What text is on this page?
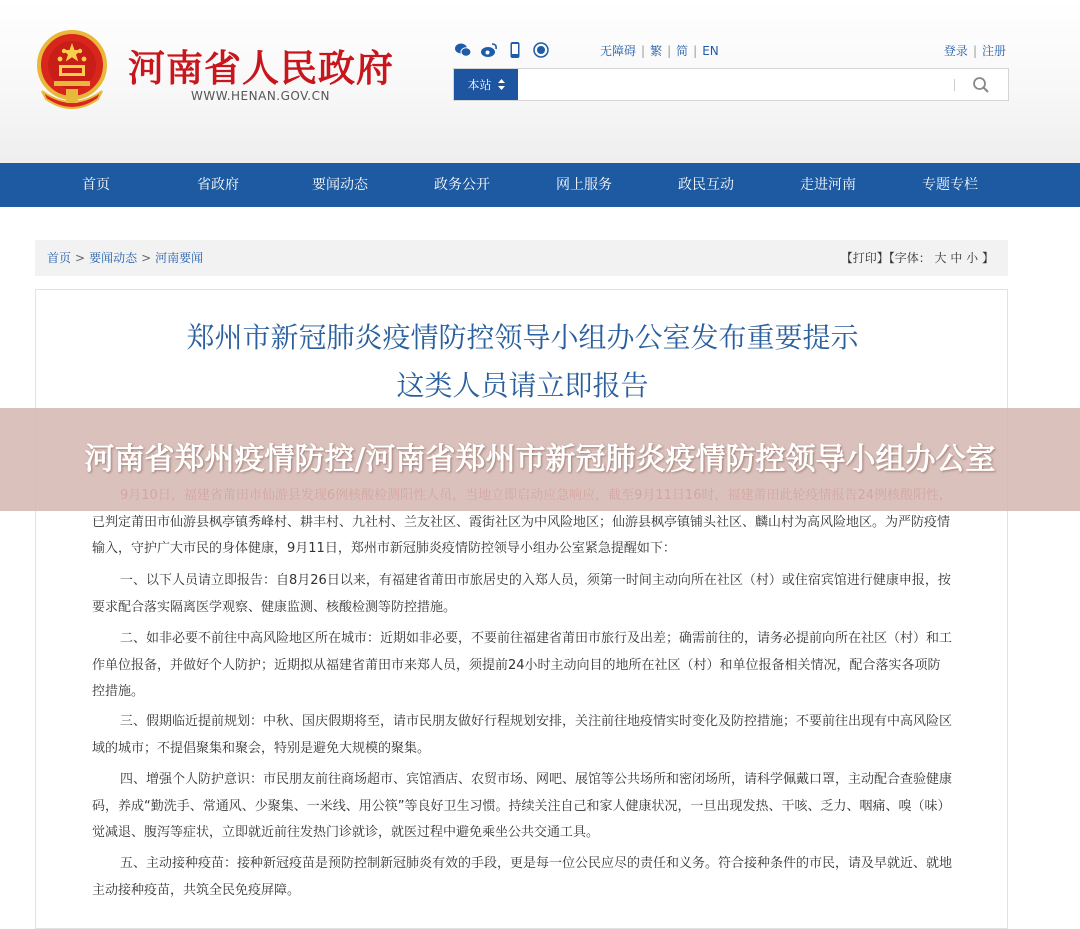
河南省人民政府
WWW.HENAN.GOV.CN
无障碍 | 繁 | 简 | EN	登录 | 注册
本站
首页	省政府	要闻动态	政务公开	网上服务	政民互动	走进河南	专题专栏
首页 > 要闻动态 > 河南要闻	【打印】【字体： 大 中 小 】
郑州市新冠肺炎疫情防控领导小组办公室发布重要提示
这类人员请立即报告
已判定莆田市仙游县枫亭镇秀峰村、耕丰村、九社村、兰友社区、霞街社区为中风险地区；仙游县枫亭镇铺头社区、麟山村为高风险地区。为严防疫情输入，守护广大市民的身体健康，9月11日，郑州市新冠肺炎疫情防控领导小组办公室紧急提醒如下：
一、以下人员请立即报告：自8月26日以来，有福建省莆田市旅居史的入郑人员，须第一时间主动向所在社区（村）或住宿宾馆进行健康申报，按要求配合落实隔离医学观察、健康监测、核酸检测等防控措施。
二、如非必要不前往中高风险地区所在城市：近期如非必要，不要前往福建省莆田市旅行及出差；确需前往的，请务必提前向所在社区（村）和工作单位报备，并做好个人防护；近期拟从福建省莆田市来郑人员，须提前24小时主动向目的地所在社区（村）和单位报备相关情况，配合落实各项防控措施。
三、假期临近提前规划：中秋、国庆假期将至，请市民朋友做好行程规划安排，关注前往地疫情实时变化及防控措施；不要前往出现有中高风险区域的城市；不提倡聚集和聚会，特别是避免大规模的聚集。
四、增强个人防护意识：市民朋友前往商场超市、宾馆酒店、农贸市场、网吧、展馆等公共场所和密闭场所，请科学佩戴口罩，主动配合查验健康码，养成“勤洗手、常通风、少聚集、一米线、用公筷”等良好卫生习惯。持续关注自己和家人健康状况，一旦出现发热、干咳、乏力、咽痛、嗅（味）觉减退、腹泻等症状，立即就近前往发热门诊就诊，就医过程中避免乘坐公共交通工具。
五、主动接种疫苗：接种新冠疫苗是预防控制新冠肺炎有效的手段，更是每一位公民应尽的责任和义务。符合接种条件的市民，请及早就近、就地主动接种疫苗，共筑全民免疫屏障。
河南省郑州疫情防控/河南省郑州市新冠肺炎疫情防控领导小组办公室
